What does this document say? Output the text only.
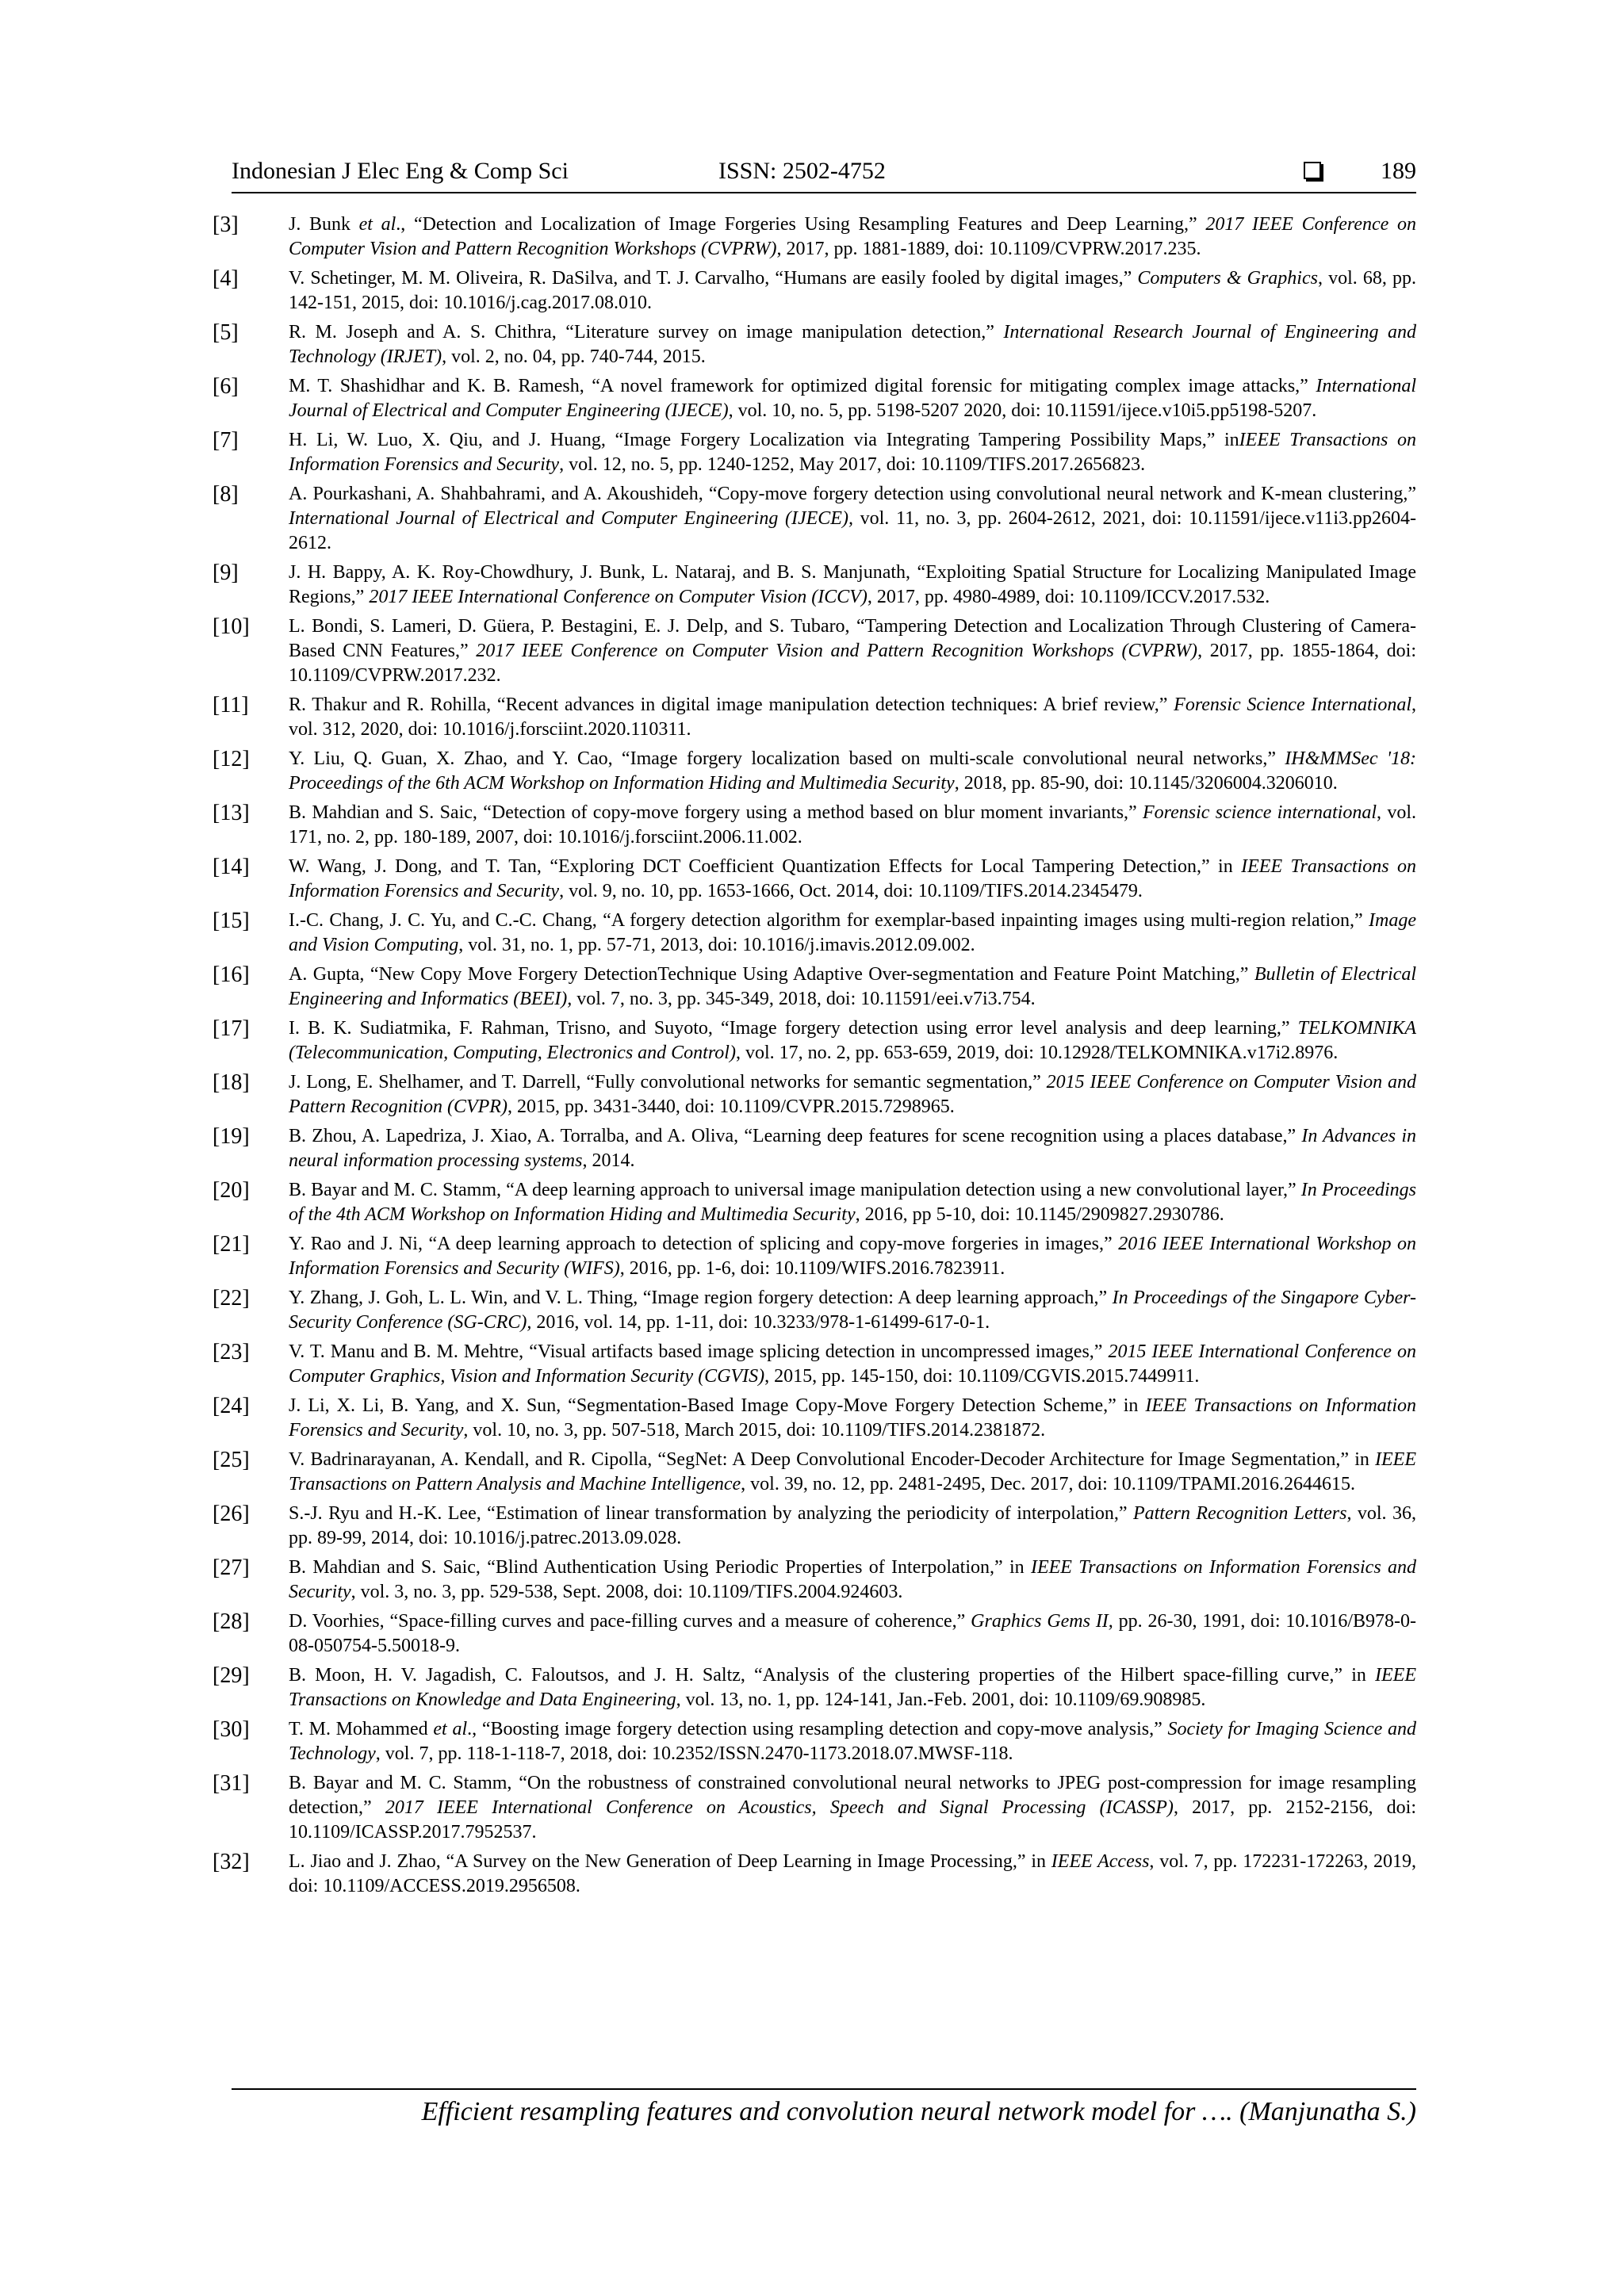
Indonesian J Elec Eng & Comp Sci	ISSN: 2502-4752	189
[3]	J. Bunk et al., “Detection and Localization of Image Forgeries Using Resampling Features and Deep Learning,” 2017 IEEE Conference on Computer Vision and Pattern Recognition Workshops (CVPRW), 2017, pp. 1881-1889, doi: 10.1109/CVPRW.2017.235.
[4]	V. Schetinger, M. M. Oliveira, R. DaSilva, and T. J. Carvalho, “Humans are easily fooled by digital images,” Computers & Graphics, vol. 68, pp. 142-151, 2015, doi: 10.1016/j.cag.2017.08.010.
[5]	R. M. Joseph and A. S. Chithra, “Literature survey on image manipulation detection,” International Research Journal of Engineering and Technology (IRJET), vol. 2, no. 04, pp. 740-744, 2015.
[6]	M. T. Shashidhar and K. B. Ramesh, “A novel framework for optimized digital forensic for mitigating complex image attacks,” International Journal of Electrical and Computer Engineering (IJECE), vol. 10, no. 5, pp. 5198-5207 2020, doi: 10.11591/ijece.v10i5.pp5198-5207.
[7]	H. Li, W. Luo, X. Qiu, and J. Huang, “Image Forgery Localization via Integrating Tampering Possibility Maps,” inIEEE Transactions on Information Forensics and Security, vol. 12, no. 5, pp. 1240-1252, May 2017, doi: 10.1109/TIFS.2017.2656823.
[8]	A. Pourkashani, A. Shahbahrami, and A. Akoushideh, “Copy-move forgery detection using convolutional neural network and K-mean clustering,” International Journal of Electrical and Computer Engineering (IJECE), vol. 11, no. 3, pp. 2604-2612, 2021, doi: 10.11591/ijece.v11i3.pp2604-2612.
[9]	J. H. Bappy, A. K. Roy-Chowdhury, J. Bunk, L. Nataraj, and B. S. Manjunath, “Exploiting Spatial Structure for Localizing Manipulated Image Regions,” 2017 IEEE International Conference on Computer Vision (ICCV), 2017, pp. 4980-4989, doi: 10.1109/ICCV.2017.532.
[10] L. Bondi, S. Lameri, D. Güera, P. Bestagini, E. J. Delp, and S. Tubaro, “Tampering Detection and Localization Through Clustering of Camera-Based CNN Features,” 2017 IEEE Conference on Computer Vision and Pattern Recognition Workshops (CVPRW), 2017, pp. 1855-1864, doi: 10.1109/CVPRW.2017.232.
[11] R. Thakur and R. Rohilla, “Recent advances in digital image manipulation detection techniques: A brief review,” Forensic Science International, vol. 312, 2020, doi: 10.1016/j.forsciint.2020.110311.
[12] Y. Liu, Q. Guan, X. Zhao, and Y. Cao, “Image forgery localization based on multi-scale convolutional neural networks,” IH&MMSec '18: Proceedings of the 6th ACM Workshop on Information Hiding and Multimedia Security, 2018, pp. 85-90, doi: 10.1145/3206004.3206010.
[13] B. Mahdian and S. Saic, “Detection of copy-move forgery using a method based on blur moment invariants,” Forensic science international, vol. 171, no. 2, pp. 180-189, 2007, doi: 10.1016/j.forsciint.2006.11.002.
[14] W. Wang, J. Dong, and T. Tan, “Exploring DCT Coefficient Quantization Effects for Local Tampering Detection,” in IEEE Transactions on Information Forensics and Security, vol. 9, no. 10, pp. 1653-1666, Oct. 2014, doi: 10.1109/TIFS.2014.2345479.
[15] I.-C. Chang, J. C. Yu, and C.-C. Chang, “A forgery detection algorithm for exemplar-based inpainting images using multi-region relation,” Image and Vision Computing, vol. 31, no. 1, pp. 57-71, 2013, doi: 10.1016/j.imavis.2012.09.002.
[16] A. Gupta, “New Copy Move Forgery DetectionTechnique Using Adaptive Over-segmentation and Feature Point Matching,” Bulletin of Electrical Engineering and Informatics (BEEI), vol. 7, no. 3, pp. 345-349, 2018, doi: 10.11591/eei.v7i3.754.
[17] I. B. K. Sudiatmika, F. Rahman, Trisno, and Suyoto, “Image forgery detection using error level analysis and deep learning,” TELKOMNIKA (Telecommunication, Computing, Electronics and Control), vol. 17, no. 2, pp. 653-659, 2019, doi: 10.12928/TELKOMNIKA.v17i2.8976.
[18] J. Long, E. Shelhamer, and T. Darrell, “Fully convolutional networks for semantic segmentation,” 2015 IEEE Conference on Computer Vision and Pattern Recognition (CVPR), 2015, pp. 3431-3440, doi: 10.1109/CVPR.2015.7298965.
[19] B. Zhou, A. Lapedriza, J. Xiao, A. Torralba, and A. Oliva, “Learning deep features for scene recognition using a places database,” In Advances in neural information processing systems, 2014.
[20] B. Bayar and M. C. Stamm, “A deep learning approach to universal image manipulation detection using a new convolutional layer,” In Proceedings of the 4th ACM Workshop on Information Hiding and Multimedia Security, 2016, pp 5-10, doi: 10.1145/2909827.2930786.
[21] Y. Rao and J. Ni, “A deep learning approach to detection of splicing and copy-move forgeries in images,” 2016 IEEE International Workshop on Information Forensics and Security (WIFS), 2016, pp. 1-6, doi: 10.1109/WIFS.2016.7823911.
[22] Y. Zhang, J. Goh, L. L. Win, and V. L. Thing, “Image region forgery detection: A deep learning approach,” In Proceedings of the Singapore Cyber-Security Conference (SG-CRC), 2016, vol. 14, pp. 1-11, doi: 10.3233/978-1-61499-617-0-1.
[23] V. T. Manu and B. M. Mehtre, “Visual artifacts based image splicing detection in uncompressed images,” 2015 IEEE International Conference on Computer Graphics, Vision and Information Security (CGVIS), 2015, pp. 145-150, doi: 10.1109/CGVIS.2015.7449911.
[24] J. Li, X. Li, B. Yang, and X. Sun, “Segmentation-Based Image Copy-Move Forgery Detection Scheme,” in IEEE Transactions on Information Forensics and Security, vol. 10, no. 3, pp. 507-518, March 2015, doi: 10.1109/TIFS.2014.2381872.
[25] V. Badrinarayanan, A. Kendall, and R. Cipolla, “SegNet: A Deep Convolutional Encoder-Decoder Architecture for Image Segmentation,” in IEEE Transactions on Pattern Analysis and Machine Intelligence, vol. 39, no. 12, pp. 2481-2495, Dec. 2017, doi: 10.1109/TPAMI.2016.2644615.
[26] S.-J. Ryu and H.-K. Lee, “Estimation of linear transformation by analyzing the periodicity of interpolation,” Pattern Recognition Letters, vol. 36, pp. 89-99, 2014, doi: 10.1016/j.patrec.2013.09.028.
[27] B. Mahdian and S. Saic, “Blind Authentication Using Periodic Properties of Interpolation,” in IEEE Transactions on Information Forensics and Security, vol. 3, no. 3, pp. 529-538, Sept. 2008, doi: 10.1109/TIFS.2004.924603.
[28] D. Voorhies, “Space-filling curves and pace-filling curves and a measure of coherence,” Graphics Gems II, pp. 26-30, 1991, doi: 10.1016/B978-0-08-050754-5.50018-9.
[29] B. Moon, H. V. Jagadish, C. Faloutsos, and J. H. Saltz, “Analysis of the clustering properties of the Hilbert space-filling curve,” in IEEE Transactions on Knowledge and Data Engineering, vol. 13, no. 1, pp. 124-141, Jan.-Feb. 2001, doi: 10.1109/69.908985.
[30] T. M. Mohammed et al., “Boosting image forgery detection using resampling detection and copy-move analysis,” Society for Imaging Science and Technology, vol. 7, pp. 118-1-118-7, 2018, doi: 10.2352/ISSN.2470-1173.2018.07.MWSF-118.
[31] B. Bayar and M. C. Stamm, “On the robustness of constrained convolutional neural networks to JPEG post-compression for image resampling detection,” 2017 IEEE International Conference on Acoustics, Speech and Signal Processing (ICASSP), 2017, pp. 2152-2156, doi: 10.1109/ICASSP.2017.7952537.
[32] L. Jiao and J. Zhao, “A Survey on the New Generation of Deep Learning in Image Processing,” in IEEE Access, vol. 7, pp. 172231-172263, 2019, doi: 10.1109/ACCESS.2019.2956508.
Efficient resampling features and convolution neural network model for …. (Manjunatha S.)
